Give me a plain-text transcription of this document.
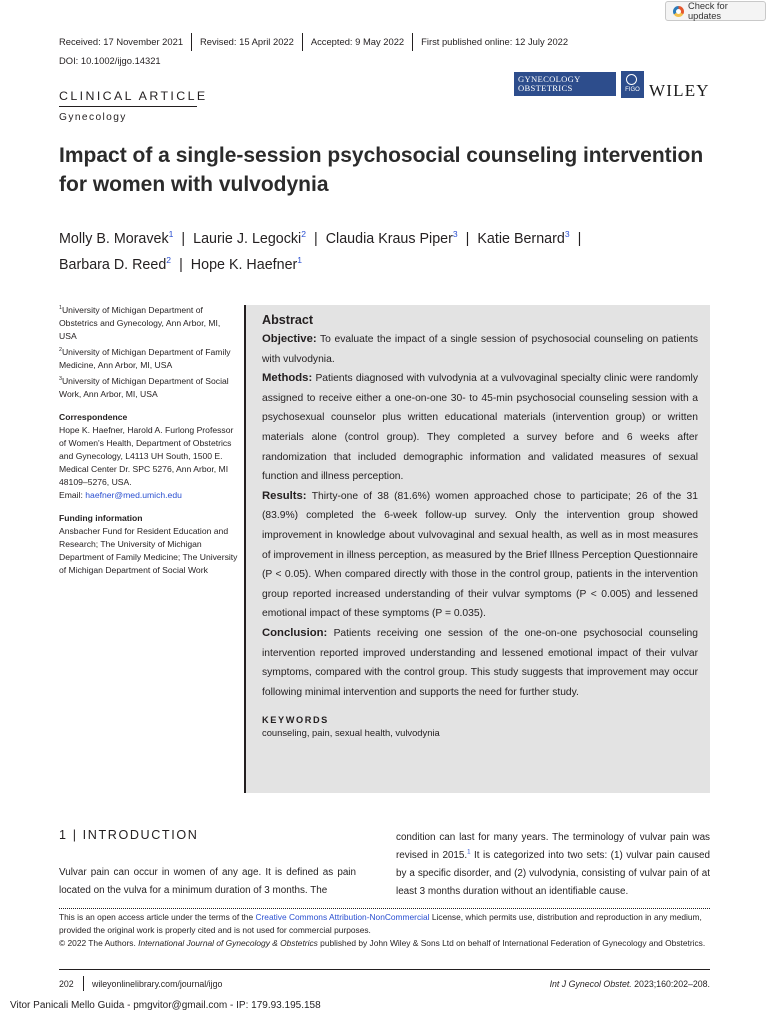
Check for updates
Received: 17 November 2021	Revised: 15 April 2022	Accepted: 9 May 2022	First published online: 12 July 2022
DOI: 10.1002/ijgo.14321
CLINICAL ARTICLE
Gynecology
GYNECOLOGY
OBSTETRICS	FIGO WILEY
Impact of a single-session psychosocial counseling intervention for women with vulvodynia
Molly B. Moravek$^1$ | Laurie J. Legocki$^2$ | Claudia Kraus Piper$^3$ | Katie Bernard$^3$ |
Barbara D. Reed$^2$ | Hope K. Haefner$^1$

$^1$University of Michigan Department of Obstetrics and Gynecology, Ann Arbor, MI, USA

$^2$University of Michigan Department of Family Medicine, Ann Arbor, MI, USA

$^3$University of Michigan Department of Social Work, Ann Arbor, MI, USA

Correspondence

Hope K. Haefner, Harold A. Furlong Professor of Women's Health, Department of Obstetrics and Gynecology, L4113 UH South, 1500 E. Medical Center Dr. SPC 5276, Ann Arbor, MI 48109–5276, USA.
Email: haefner@med.umich.edu

Funding information

Ansbacher Fund for Resident Education and Research; The University of Michigan Department of Family Medicine; The University of Michigan Department of Social Work

Abstract

Objective: To evaluate the impact of a single session of psychosocial counseling on patients with vulvodynia.

Methods: Patients diagnosed with vulvodynia at a vulvovaginal specialty clinic were randomly assigned to receive either a one-on-one 30- to 45-min psychosocial counseling session with a psychosexual counselor plus written educational materials (intervention group) or written materials alone (control group). They completed a survey before and 6 weeks after randomization that included demographic information and validated measures of sexual function and illness perception.

Results: Thirty-one of 38 (81.6%) women approached chose to participate; 26 of the 31 (83.9%) completed the 6-week follow-up survey. Only the intervention group showed improvement in knowledge about vulvovaginal and sexual health, as well as in most measures of improvement in illness perception, as measured by the Brief Illness Perception Questionnaire (P < 0.05). When compared directly with those in the control group, patients in the intervention group reported increased understanding of their vulvar symptoms (P < 0.005) and lessened emotional impact of these symptoms (P = 0.035).

Conclusion: Patients receiving one session of the one-on-one psychosocial counseling intervention reported improved understanding and lessened emotional impact of their vulvar symptoms, compared with the control group. This study suggests that improvement may occur following minimal intervention and supports the need for further study.

KEYWORDS
counseling, pain, sexual health, vulvodynia
1 | INTRODUCTION
Vulvar pain can occur in women of any age. It is defined as pain located on the vulva for a minimum duration of 3 months. The
condition can last for many years. The terminology of vulvar pain was revised in 2015.$^1$ It is categorized into two sets: (1) vulvar pain caused by a specific disorder, and (2) vulvodynia, consisting of vulvar pain of at least 3 months duration without an identifiable cause.

This is an open access article under the terms of the Creative Commons Attribution-NonCommercial License, which permits use, distribution and reproduction in any medium, provided the original work is properly cited and is not used for commercial purposes.

© 2022 The Authors. International Journal of Gynecology & Obstetrics published by John Wiley & Sons Ltd on behalf of International Federation of Gynecology and Obstetrics.

202 wileyonlinelibrary.com/journal/ijgo	Int J Gynecol Obstet. 2023;160:202–208.
Vitor Panicali Mello Guida - pmgvitor@gmail.com - IP: 179.93.195.158
